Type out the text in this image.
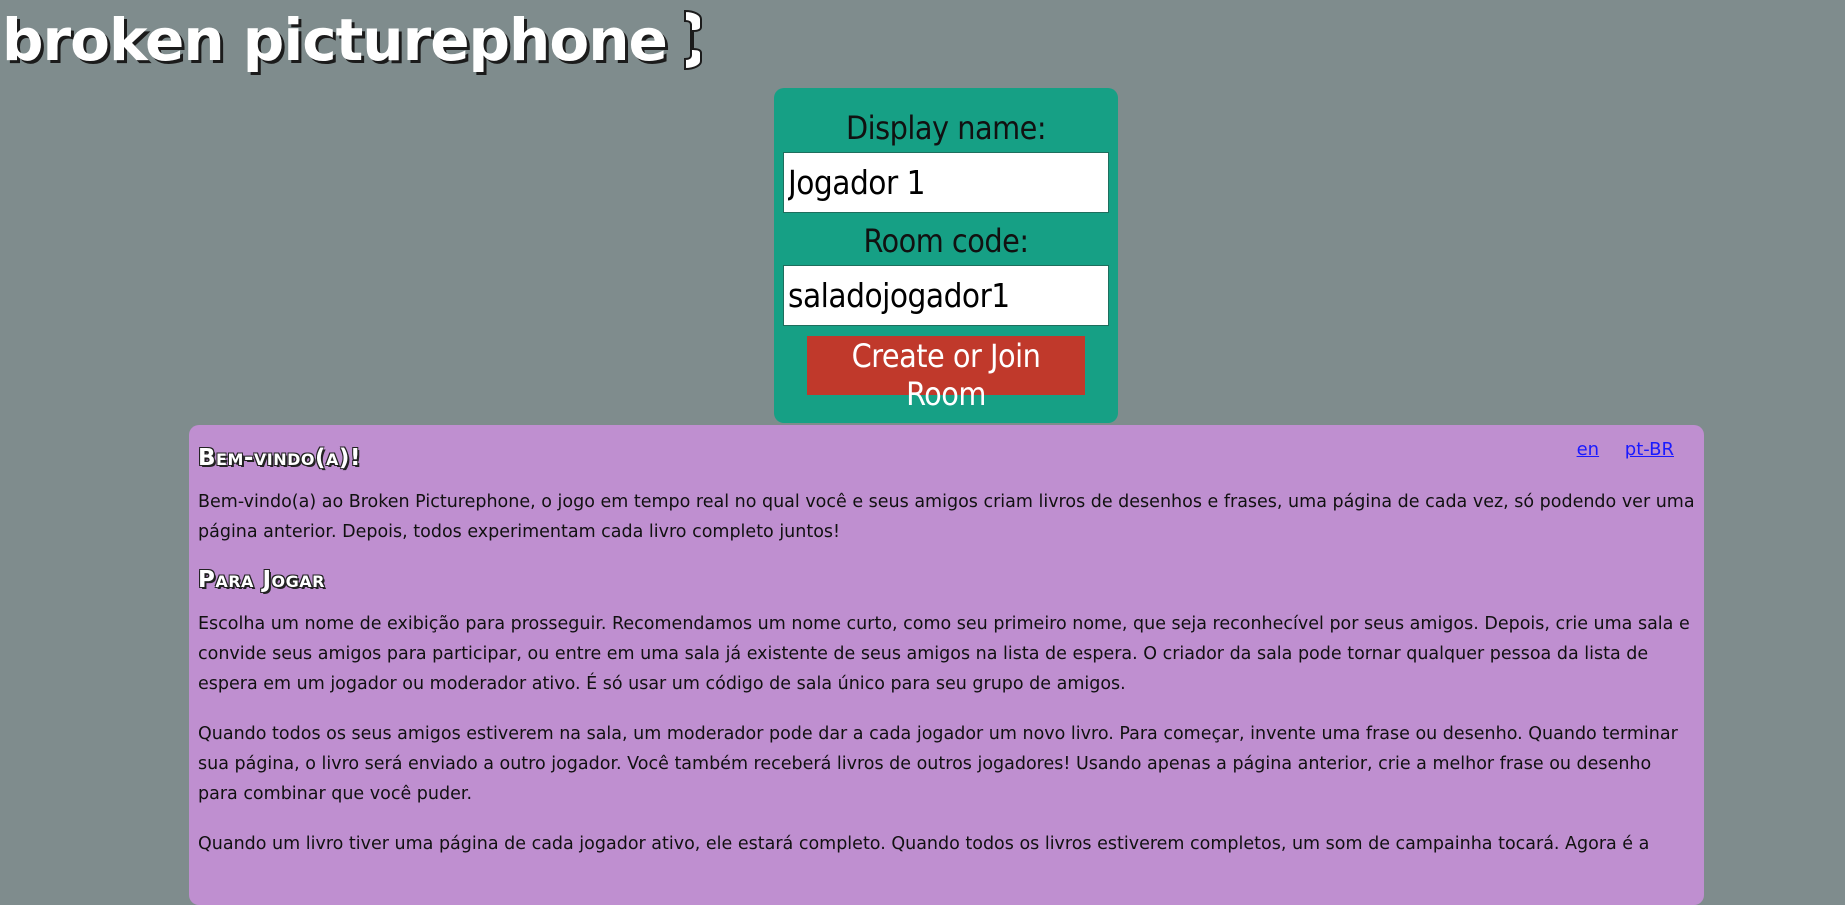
broken picturephone
Display name:
Jogador 1
Room code:
saladojogador1
Create or Join Room
en pt-BR
Bem-vindo(a)!

Bem-vindo(a) ao Broken Picturephone, o jogo em tempo real no qual você e seus amigos criam livros de desenhos e frases, uma página de cada vez, só podendo ver uma página anterior. Depois, todos experimentam cada livro completo juntos!

Para Jogar

Escolha um nome de exibição para prosseguir. Recomendamos um nome curto, como seu primeiro nome, que seja reconhecível por seus amigos. Depois, crie uma sala e convide seus amigos para participar, ou entre em uma sala já existente de seus amigos na lista de espera. O criador da sala pode tornar qualquer pessoa da lista de espera em um jogador ou moderador ativo. É só usar um código de sala único para seu grupo de amigos.

Quando todos os seus amigos estiverem na sala, um moderador pode dar a cada jogador um novo livro. Para começar, invente uma frase ou desenho. Quando terminar sua página, o livro será enviado a outro jogador. Você também receberá livros de outros jogadores! Usando apenas a página anterior, crie a melhor frase ou desenho para combinar que você puder.

Quando um livro tiver uma página de cada jogador ativo, ele estará completo. Quando todos os livros estiverem completos, um som de campainha tocará. Agora é a
